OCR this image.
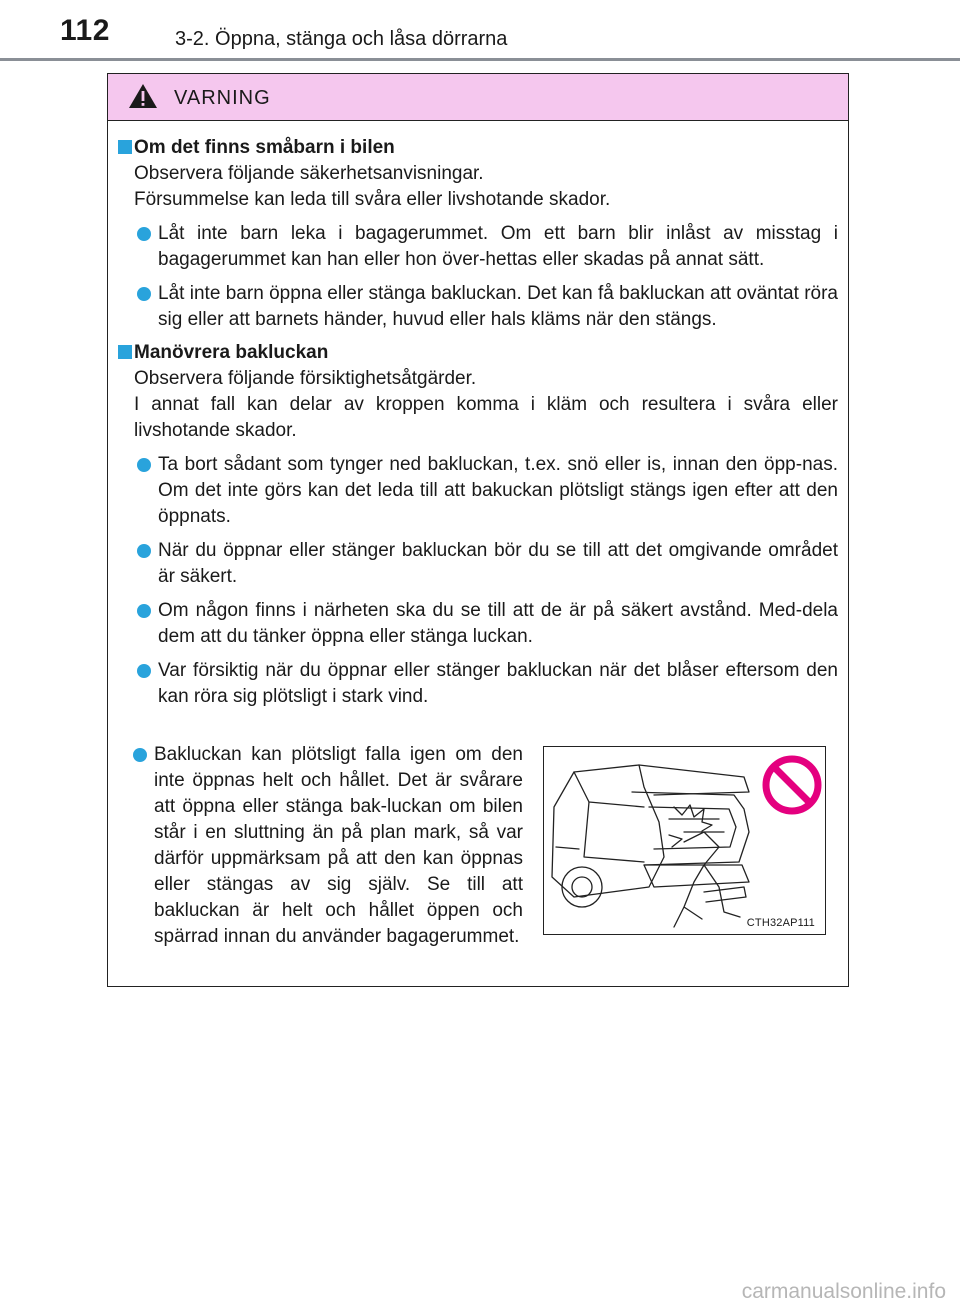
112	3-2. Öppna, stänga och låsa dörrarna
VARNING
Om det finns småbarn i bilen
Observera följande säkerhetsanvisningar.
Försummelse kan leda till svåra eller livshotande skador.
Låt inte barn leka i bagagerummet. Om ett barn blir inlåst av misstag i bagagerummet kan han eller hon över-hettas eller skadas på annat sätt.
Låt inte barn öppna eller stänga bakluckan. Det kan få bakluckan att oväntat röra sig eller att barnets händer, huvud eller hals kläms när den stängs.
Manövrera bakluckan
Observera följande försiktighetsåtgärder.
I annat fall kan delar av kroppen komma i kläm och resultera i svåra eller livshotande skador.
Ta bort sådant som tynger ned bakluckan, t.ex. snö eller is, innan den öpp-nas. Om det inte görs kan det leda till att bakuckan plötsligt stängs igen efter att den öppnats.
När du öppnar eller stänger bakluckan bör du se till att det omgivande området är säkert.
Om någon finns i närheten ska du se till att de är på säkert avstånd. Med-dela dem att du tänker öppna eller stänga luckan.
Var försiktig när du öppnar eller stänger bakluckan när det blåser eftersom den kan röra sig plötsligt i stark vind.
Bakluckan kan plötsligt falla igen om den inte öppnas helt och hållet. Det är svårare att öppna eller stänga bak-luckan om bilen står i en sluttning än på plan mark, så var därför uppmärksam på att den kan öppnas eller stängas av sig själv. Se till att bakluckan är helt och hållet öppen och spärrad innan du använder bagagerummet.
CTH32AP111
carmanualsonline.info
